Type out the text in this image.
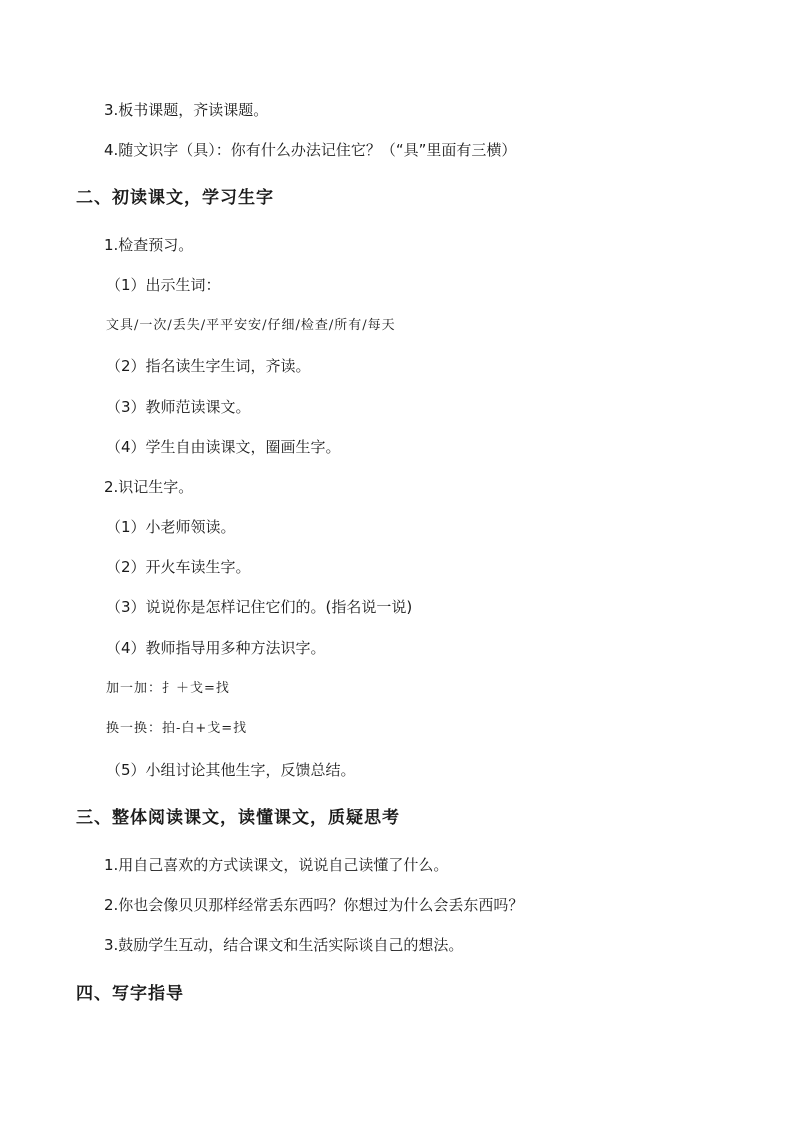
3.板书课题，齐读课题。
4.随文识字（具）：你有什么办法记住它？（“具”里面有三横）
二、初读课文，学习生字
1.检查预习。
（1）出示生词：
文具/一次/丢失/平平安安/仔细/检查/所有/每天
（2）指名读生字生词，齐读。
（3）教师范读课文。
（4）学生自由读课文，圈画生字。
2.识记生字。
（1）小老师领读。
（2）开火车读生字。
（3）说说你是怎样记住它们的。(指名说一说)
（4）教师指导用多种方法识字。
加一加：扌＋戈=找
换一换：拍-白+戈=找
（5）小组讨论其他生字，反馈总结。
三、整体阅读课文，读懂课文，质疑思考
1.用自己喜欢的方式读课文，说说自己读懂了什么。
2.你也会像贝贝那样经常丢东西吗？你想过为什么会丢东西吗？
3.鼓励学生互动，结合课文和生活实际谈自己的想法。
四、写字指导
